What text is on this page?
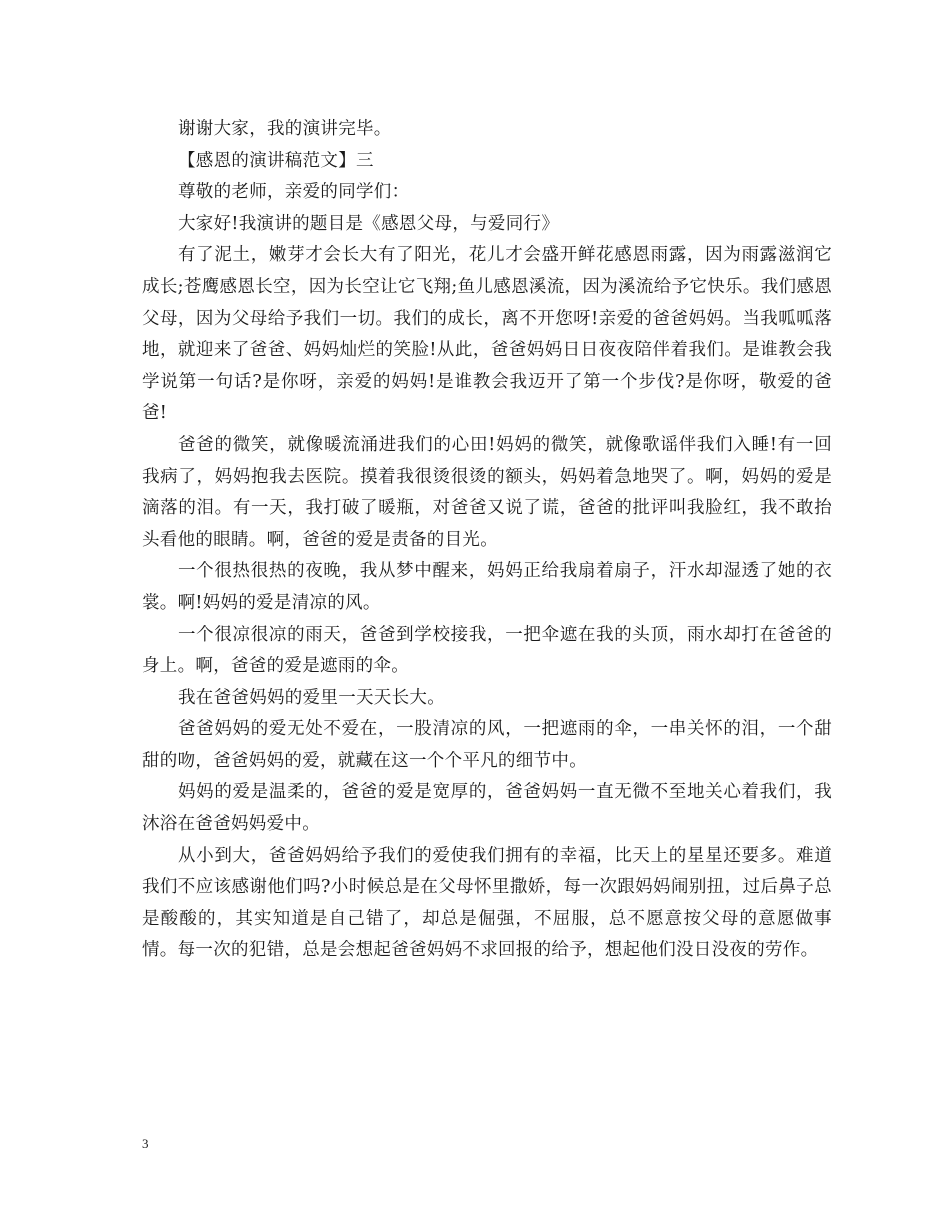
谢谢大家，我的演讲完毕。

【感恩的演讲稿范文】三

尊敬的老师，亲爱的同学们：

大家好!我演讲的题目是《感恩父母，与爱同行》

有了泥土，嫩芽才会长大有了阳光，花儿才会盛开鲜花感恩雨露，因为雨露滋润它成长;苍鹰感恩长空，因为长空让它飞翔;鱼儿感恩溪流，因为溪流给予它快乐。我们感恩父母，因为父母给予我们一切。我们的成长，离不开您呀!亲爱的爸爸妈妈。当我呱呱落地，就迎来了爸爸、妈妈灿烂的笑脸!从此，爸爸妈妈日日夜夜陪伴着我们。是谁教会我学说第一句话?是你呀，亲爱的妈妈!是谁教会我迈开了第一个步伐?是你呀，敬爱的爸爸!

爸爸的微笑，就像暖流涌进我们的心田!妈妈的微笑，就像歌谣伴我们入睡!有一回我病了，妈妈抱我去医院。摸着我很烫很烫的额头，妈妈着急地哭了。啊，妈妈的爱是滴落的泪。有一天，我打破了暖瓶，对爸爸又说了谎，爸爸的批评叫我脸红，我不敢抬头看他的眼睛。啊，爸爸的爱是责备的目光。

一个很热很热的夜晚，我从梦中醒来，妈妈正给我扇着扇子，汗水却湿透了她的衣裳。啊!妈妈的爱是清凉的风。

一个很凉很凉的雨天，爸爸到学校接我，一把伞遮在我的头顶，雨水却打在爸爸的身上。啊，爸爸的爱是遮雨的伞。

我在爸爸妈妈的爱里一天天长大。

爸爸妈妈的爱无处不爱在，一股清凉的风，一把遮雨的伞，一串关怀的泪，一个甜甜的吻，爸爸妈妈的爱，就藏在这一个个平凡的细节中。

妈妈的爱是温柔的，爸爸的爱是宽厚的，爸爸妈妈一直无微不至地关心着我们，我沐浴在爸爸妈妈爱中。

从小到大，爸爸妈妈给予我们的爱使我们拥有的幸福，比天上的星星还要多。难道我们不应该感谢他们吗?小时候总是在父母怀里撒娇，每一次跟妈妈闹别扭，过后鼻子总是酸酸的，其实知道是自己错了，却总是倔强，不屈服，总不愿意按父母的意愿做事情。每一次的犯错，总是会想起爸爸妈妈不求回报的给予，想起他们没日没夜的劳作。

3
